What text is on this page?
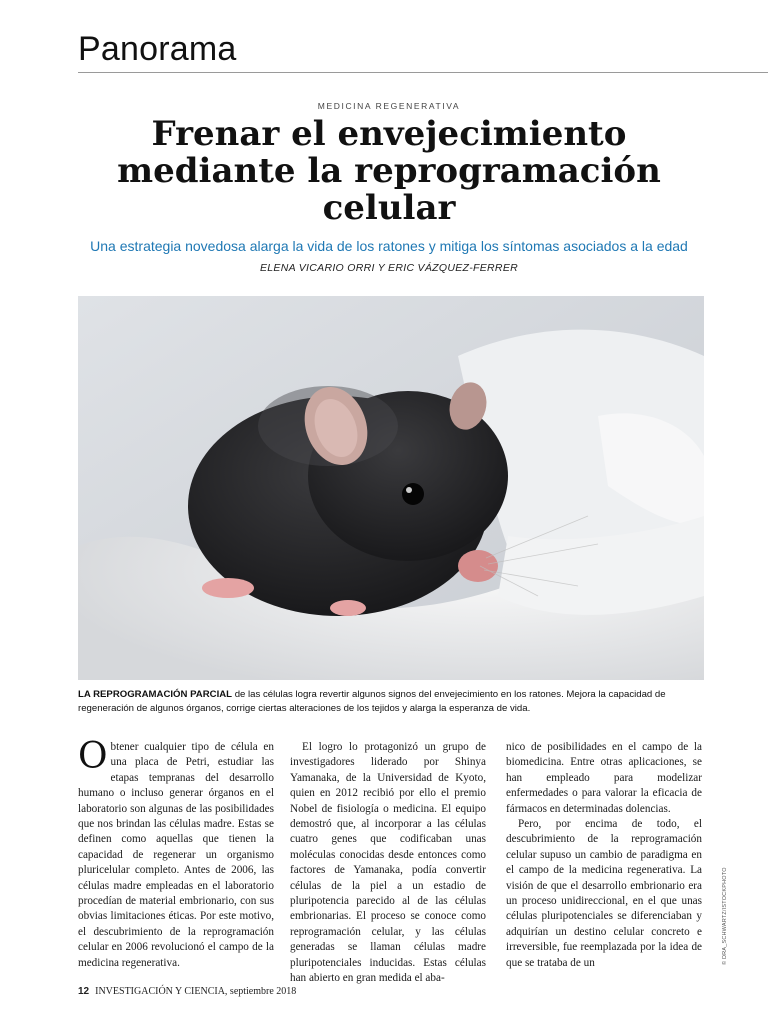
Panorama
MEDICINA REGENERATIVA
Frenar el envejecimiento mediante la reprogramación celular
Una estrategia novedosa alarga la vida de los ratones y mitiga los síntomas asociados a la edad
ELENA VICARIO ORRI Y ERIC VÁZQUEZ-FERRER

LA REPROGRAMACIÓN PARCIAL de las células logra revertir algunos signos del envejecimiento en los ratones. Mejora la capacidad de regeneración de algunos órganos, corrige ciertas alteraciones de los tejidos y alarga la esperanza de vida.

Obtener cualquier tipo de célula en una placa de Petri, estudiar las etapas tempranas del desarrollo humano o incluso generar órganos en el laboratorio son algunas de las posibilidades que nos brindan las células madre. Estas se definen como aquellas que tienen la capacidad de regenerar un organismo pluricelular completo. Antes de 2006, las células madre empleadas en el laboratorio procedían de material embrionario, con sus obvias limitaciones éticas. Por este motivo, el descubrimiento de la reprogramación celular en 2006 revolucionó el campo de la medicina regenerativa.

El logro lo protagonizó un grupo de investigadores liderado por Shinya Yamanaka, de la Universidad de Kyoto, quien en 2012 recibió por ello el premio Nobel de fisiología o medicina. El equipo demostró que, al incorporar a las células cuatro genes que codificaban unas moléculas conocidas desde entonces como factores de Yamanaka, podía convertir células de la piel a un estadio de pluripotencia parecido al de las células embrionarias. El proceso se conoce como reprogramación celular, y las células generadas se llaman células madre pluripotenciales inducidas. Estas células han abierto en gran medida el aba-

nico de posibilidades en el campo de la biomedicina. Entre otras aplicaciones, se han empleado para modelizar enfermedades o para valorar la eficacia de fármacos en determinadas dolencias.

Pero, por encima de todo, el descubrimiento de la reprogramación celular supuso un cambio de paradigma en el campo de la medicina regenerativa. La visión de que el desarrollo embrionario era un proceso unidireccional, en el que unas células pluripotenciales se diferenciaban y adquirían un destino celular concreto e irreversible, fue reemplazada por la idea de que se trataba de un	© DRA_SCHWARTZ/ISTOCKPHOTO
12 INVESTIGACIÓN Y CIENCIA, septiembre 2018
